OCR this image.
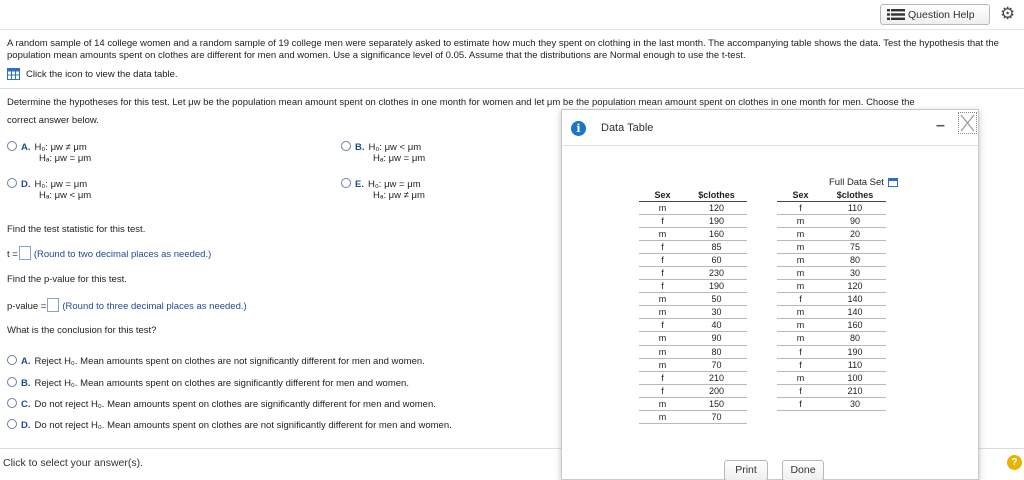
Question Help ⚙
A random sample of 14 college women and a random sample of 19 college men were separately asked to estimate how much they spent on clothing in the last month. The accompanying table shows the data. Test the hypothesis that the population mean amounts spent on clothes are different for men and women. Use a significance level of 0.05. Assume that the distributions are Normal enough to use the t-test.
Click the icon to view the data table.
Determine the hypotheses for this test. Let μw be the population mean amount spent on clothes in one month for women and let μm be the population mean amount spent on clothes in one month for men. Choose the
correct answer below.
A. H₀: μw ≠ μm
Hₐ: μw = μm
B. H₀: μw < μm
Hₐ: μw = μm
D. H₀: μw = μm
Hₐ: μw < μm
E. H₀: μw = μm
Hₐ: μw ≠ μm
Find the test statistic for this test.
t = (Round to two decimal places as needed.)
Find the p-value for this test.
p-value = (Round to three decimal places as needed.)
What is the conclusion for this test?
A. Reject H₀. Mean amounts spent on clothes are not significantly different for men and women.
B. Reject H₀. Mean amounts spent on clothes are significantly different for men and women.
C. Do not reject H₀. Mean amounts spent on clothes are significantly different for men and women.
D. Do not reject H₀. Mean amounts spent on clothes are not significantly different for men and women.
Click to select your answer(s).	?
i	Data Table	–
Full Data Set
Sex	$clothes		Sex	$clothes
m	120		f	110
f	190		m	90
m	160		m	20
f	85		m	75
f	60		m	80
f	230		m	30
f	190		m	120
m	50		f	140
m	30		m	140
f	40		m	160
m	90		m	80
m	80		f	190
m	70		f	110
f	210		m	100
f	200		f	210
m	150		f	30
m	70			
Print	Done
